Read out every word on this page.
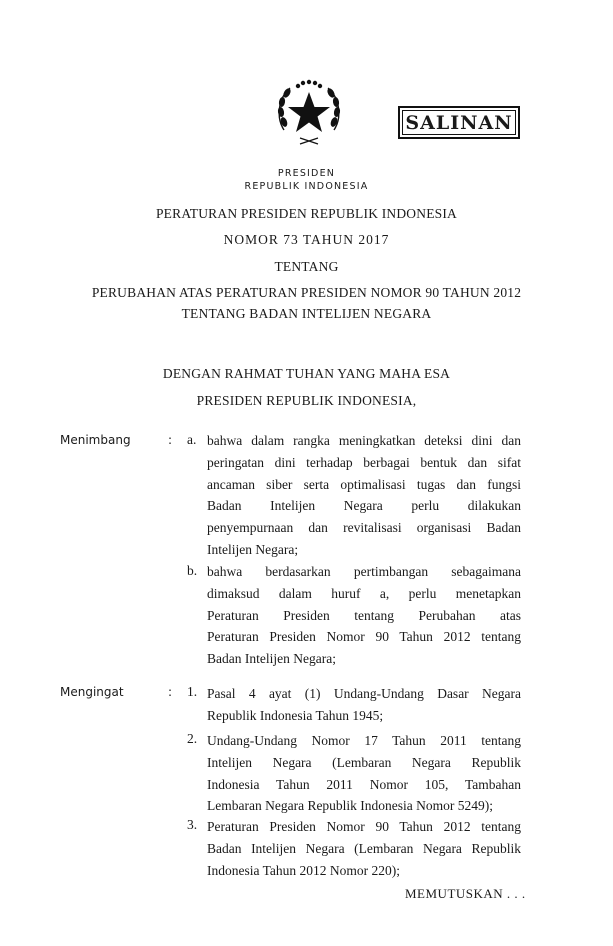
SALINAN
PRESIDEN
REPUBLIK INDONESIA
PERATURAN PRESIDEN REPUBLIK INDONESIA
NOMOR 73 TAHUN 2017
TENTANG
PERUBAHAN ATAS PERATURAN PRESIDEN NOMOR 90 TAHUN 2012
TENTANG BADAN INTELIJEN NEGARA
DENGAN RAHMAT TUHAN YANG MAHA ESA
PRESIDEN REPUBLIK INDONESIA,
Menimbang	: a. bahwa dalam rangka meningkatkan deteksi dini dan
peringatan dini terhadap berbagai bentuk dan sifat
ancaman siber serta optimalisasi tugas dan fungsi
Badan Intelijen Negara perlu dilakukan
penyempurnaan dan revitalisasi organisasi Badan
Intelijen Negara;
b. bahwa berdasarkan pertimbangan sebagaimana
dimaksud dalam huruf a, perlu menetapkan
Peraturan Presiden tentang Perubahan atas
Peraturan Presiden Nomor 90 Tahun 2012 tentang
Badan Intelijen Negara;
Mengingat	: 1. Pasal 4 ayat (1) Undang-Undang Dasar Negara
Republik Indonesia Tahun 1945;
2. Undang-Undang Nomor 17 Tahun 2011 tentang
Intelijen Negara (Lembaran Negara Republik
Indonesia Tahun 2011 Nomor 105, Tambahan
Lembaran Negara Republik Indonesia Nomor 5249);
3. Peraturan Presiden Nomor 90 Tahun 2012 tentang
Badan Intelijen Negara (Lembaran Negara Republik
Indonesia Tahun 2012 Nomor 220);
MEMUTUSKAN . . .
